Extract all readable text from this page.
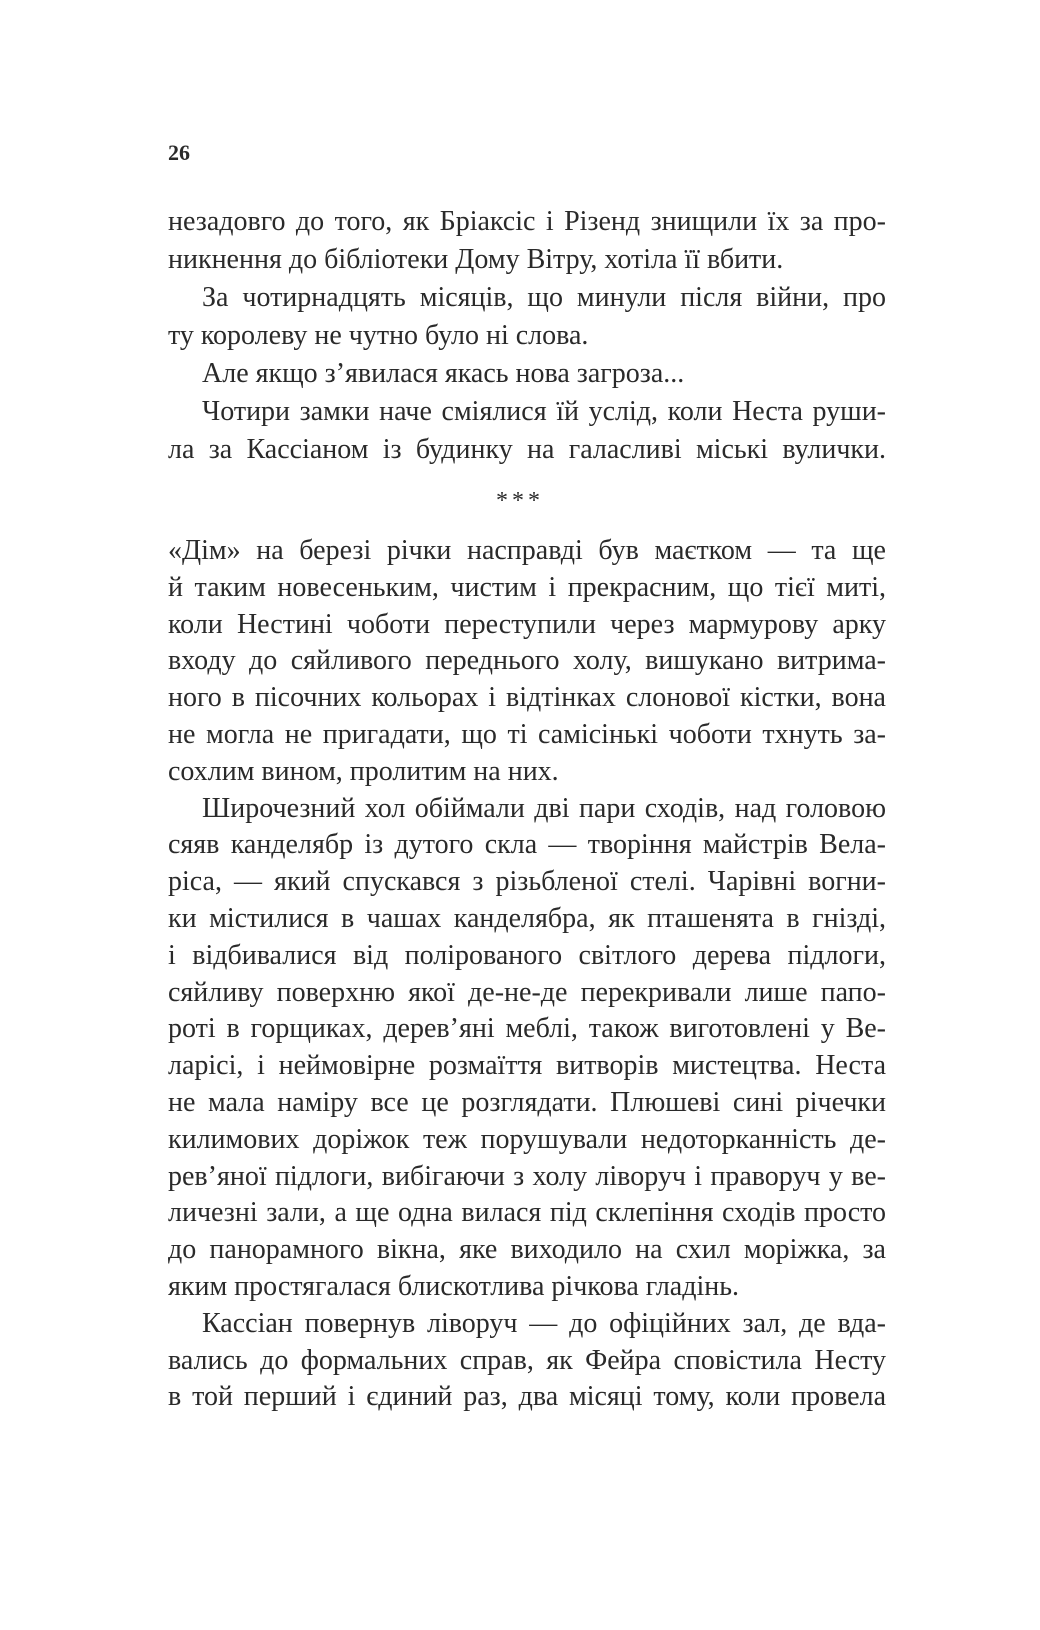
26
незадовго до того, як Бріаксіс і Різенд знищили їх за про-
никнення до бібліотеки Дому Вітру, хотіла її вбити.
За чотирнадцять місяців, що минули після війни, про
ту королеву не чутно було ні слова.
Але якщо з’явилася якась нова загроза...
Чотири замки наче сміялися їй услід, коли Неста руши-
ла за Кассіаном із будинку на галасливі міські вулички.
***
«Дім» на березі річки насправді був маєтком — та ще
й таким новесеньким, чистим і прекрасним, що тієї миті,
коли Нестині чоботи переступили через мармурову арку
входу до сяйливого переднього холу, вишукано витрима-
ного в пісочних кольорах і відтінках слонової кістки, вона
не могла не пригадати, що ті самісінькі чоботи тхнуть за-
сохлим вином, пролитим на них.
Широчезний хол обіймали дві пари сходів, над головою
сяяв канделябр із дутого скла — творіння майстрів Вела-
ріса, — який спускався з різьбленої стелі. Чарівні вогни-
ки містилися в чашах канделябра, як пташенята в гнізді,
і відбивалися від полірованого світлого дерева підлоги,
сяйливу поверхню якої де-не-де перекривали лише папо-
роті в горщиках, дерев’яні меблі, також виготовлені у Ве-
ларісі, і неймовірне розмаїття витворів мистецтва. Неста
не мала наміру все це розглядати. Плюшеві сині річечки
килимових доріжок теж порушували недоторканність де-
рев’яної підлоги, вибігаючи з холу ліворуч і праворуч у ве-
личезні зали, а ще одна вилася під склепіння сходів просто
до панорамного вікна, яке виходило на схил моріжка, за
яким простягалася блискотлива річкова гладінь.
Кассіан повернув ліворуч — до офіційних зал, де вда-
вались до формальних справ, як Фейра сповістила Несту
в той перший і єдиний раз, два місяці тому, коли провела
